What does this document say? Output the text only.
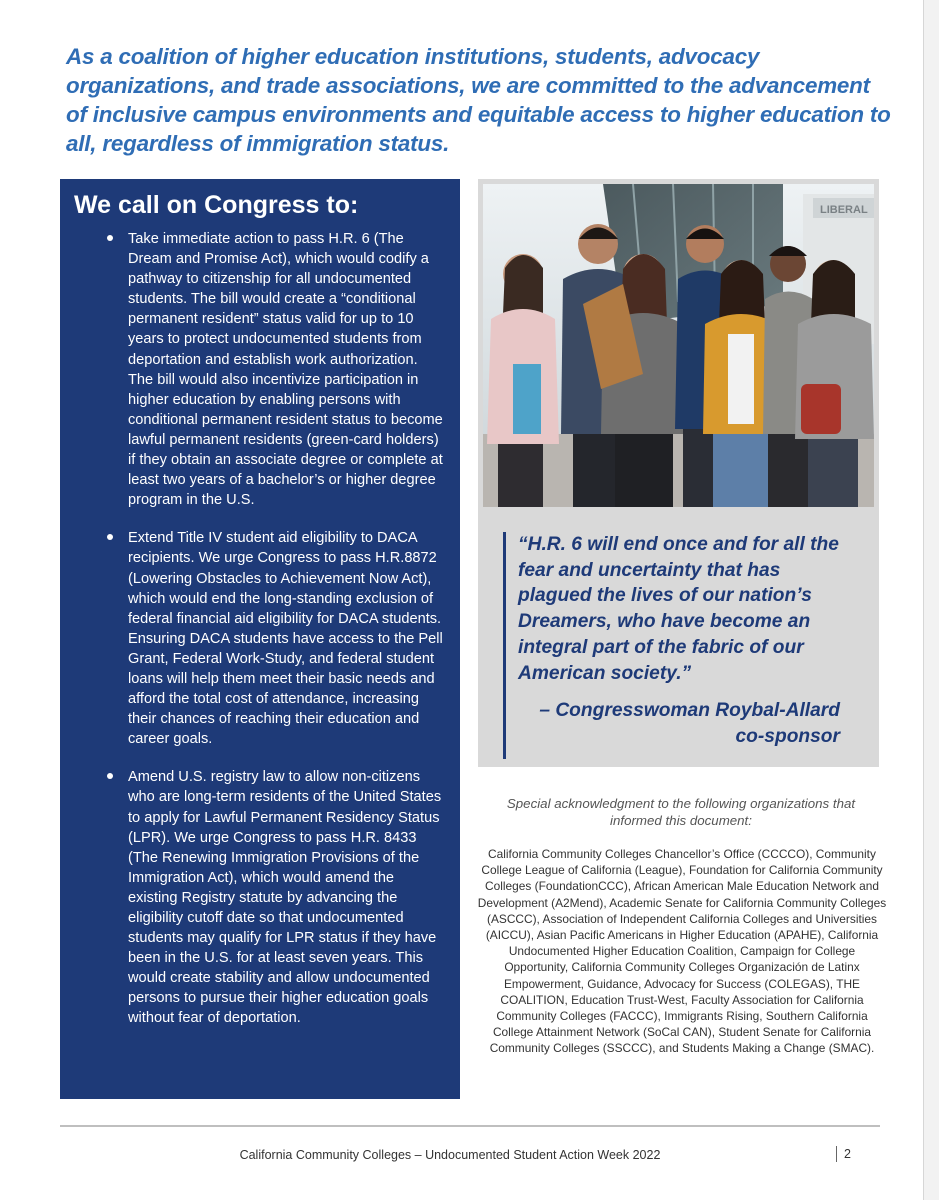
As a coalition of higher education institutions, students, advocacy organizations, and trade associations, we are committed to the advancement of inclusive campus environments and equitable access to higher education to all, regardless of immigration status.
We call on Congress to:
Take immediate action to pass H.R. 6 (The Dream and Promise Act), which would codify a pathway to citizenship for all undocumented students. The bill would create a “conditional permanent resident” status valid for up to 10 years to protect undocumented students from deportation and establish work authorization. The bill would also incentivize participation in higher education by enabling persons with conditional permanent resident status to become lawful permanent residents (green-card holders) if they obtain an associate degree or complete at least two years of a bachelor’s or higher degree program in the U.S.
Extend Title IV student aid eligibility to DACA recipients. We urge Congress to pass H.R.8872 (Lowering Obstacles to Achievement Now Act), which would end the long-standing exclusion of federal financial aid eligibility for DACA students. Ensuring DACA students have access to the Pell Grant, Federal Work-Study, and federal student loans will help them meet their basic needs and afford the total cost of attendance, increasing their chances of reaching their education and career goals.
Amend U.S. registry law to allow non-citizens who are long-term residents of the United States to apply for Lawful Permanent Residency Status (LPR). We urge Congress to pass H.R. 8433 (The Renewing Immigration Provisions of the Immigration Act), which would amend the existing Registry statute by advancing the eligibility cutoff date so that undocumented students may qualify for LPR status if they have been in the U.S. for at least seven years. This would create stability and allow undocumented persons to pursue their higher education goals without fear of deportation.
LIBERAL
“H.R. 6 will end once and for all the fear and uncertainty that has plagued the lives of our nation’s Dreamers, who have become an integral part of the fabric of our American society.”
– Congresswoman Roybal-Allard
co-sponsor
Special acknowledgment to the following organizations that informed this document:
California Community Colleges Chancellor’s Office (CCCCO), Community College League of California (League), Foundation for California Community Colleges (FoundationCCC), African American Male Education Network and Development (A2Mend), Academic Senate for California Community Colleges (ASCCC), Association of Independent California Colleges and Universities (AICCU), Asian Pacific Americans in Higher Education (APAHE), California Undocumented Higher Education Coalition, Campaign for College Opportunity, California Community Colleges Organización de Latinx Empowerment, Guidance, Advocacy for Success (COLEGAS), THE COALITION, Education Trust-West, Faculty Association for California Community Colleges (FACCC), Immigrants Rising, Southern California College Attainment Network (SoCal CAN), Student Senate for California Community Colleges (SSCCC), and Students Making a Change (SMAC).
California Community Colleges – Undocumented Student Action Week 2022	2
